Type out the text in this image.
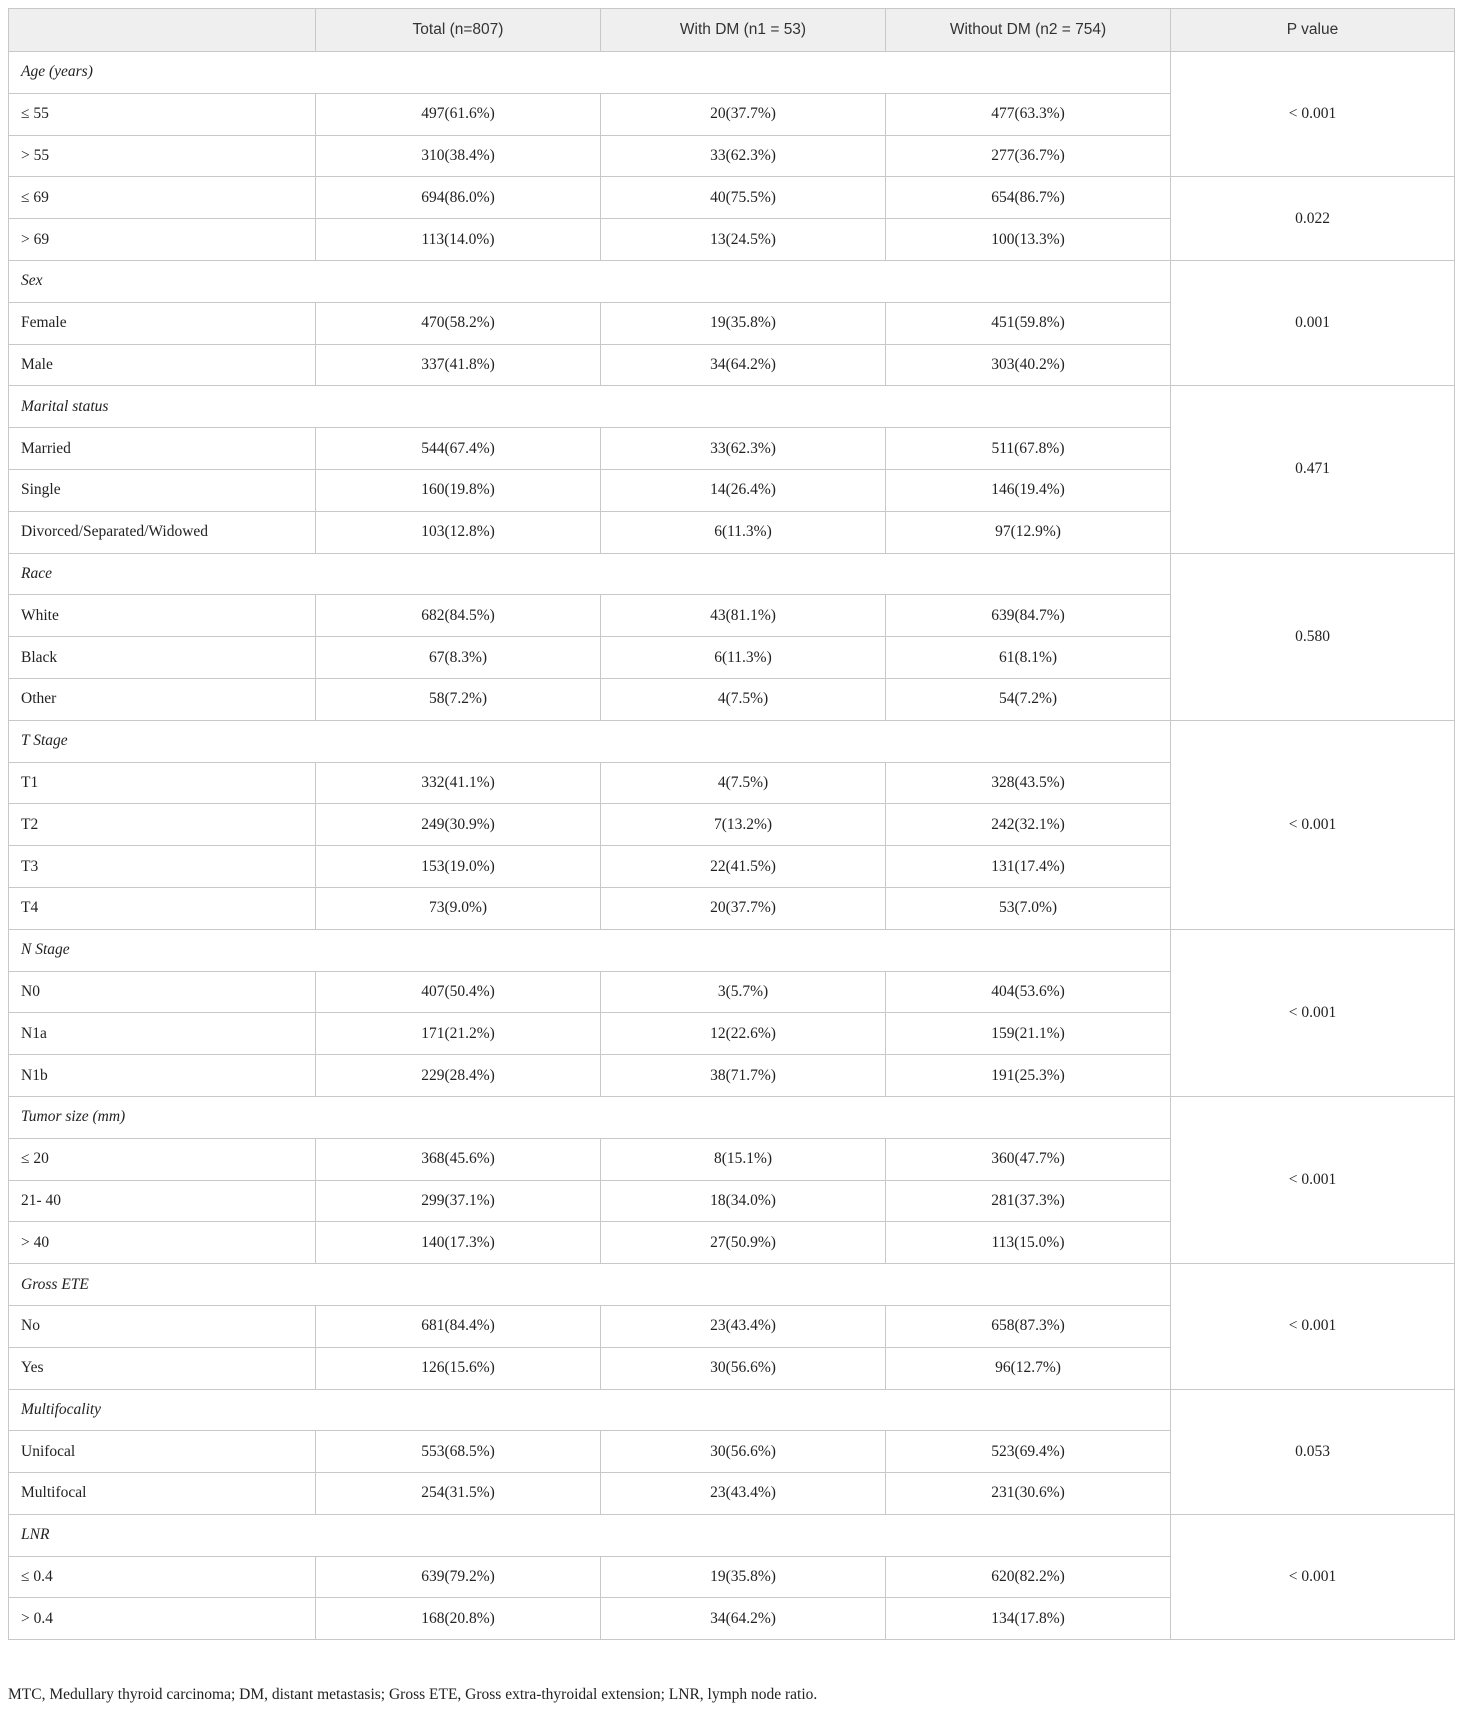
	Total (n=807)	With DM (n1 = 53)	Without DM (n2 = 754)	P value
Age (years)				< 0.001
≤ 55	497(61.6%)	20(37.7%)	477(63.3%)	
> 55	310(38.4%)	33(62.3%)	277(36.7%)	
≤ 69	694(86.0%)	40(75.5%)	654(86.7%)	0.022
> 69	113(14.0%)	13(24.5%)	100(13.3%)	
Sex				0.001
Female	470(58.2%)	19(35.8%)	451(59.8%)	
Male	337(41.8%)	34(64.2%)	303(40.2%)	
Marital status				0.471
Married	544(67.4%)	33(62.3%)	511(67.8%)	
Single	160(19.8%)	14(26.4%)	146(19.4%)	
Divorced/Separated/Widowed	103(12.8%)	6(11.3%)	97(12.9%)	
Race				0.580
White	682(84.5%)	43(81.1%)	639(84.7%)	
Black	67(8.3%)	6(11.3%)	61(8.1%)	
Other	58(7.2%)	4(7.5%)	54(7.2%)	
T Stage				< 0.001
T1	332(41.1%)	4(7.5%)	328(43.5%)	
T2	249(30.9%)	7(13.2%)	242(32.1%)	
T3	153(19.0%)	22(41.5%)	131(17.4%)	
T4	73(9.0%)	20(37.7%)	53(7.0%)	
N Stage				< 0.001
N0	407(50.4%)	3(5.7%)	404(53.6%)	
N1a	171(21.2%)	12(22.6%)	159(21.1%)	
N1b	229(28.4%)	38(71.7%)	191(25.3%)	
Tumor size (mm)				< 0.001
≤ 20	368(45.6%)	8(15.1%)	360(47.7%)	
21- 40	299(37.1%)	18(34.0%)	281(37.3%)	
> 40	140(17.3%)	27(50.9%)	113(15.0%)	
Gross ETE				< 0.001
No	681(84.4%)	23(43.4%)	658(87.3%)	
Yes	126(15.6%)	30(56.6%)	96(12.7%)	
Multifocality				0.053
Unifocal	553(68.5%)	30(56.6%)	523(69.4%)	
Multifocal	254(31.5%)	23(43.4%)	231(30.6%)	
LNR				< 0.001
≤ 0.4	639(79.2%)	19(35.8%)	620(82.2%)	
> 0.4	168(20.8%)	34(64.2%)	134(17.8%)	
MTC, Medullary thyroid carcinoma; DM, distant metastasis; Gross ETE, Gross extra-thyroidal extension; LNR, lymph node ratio.
